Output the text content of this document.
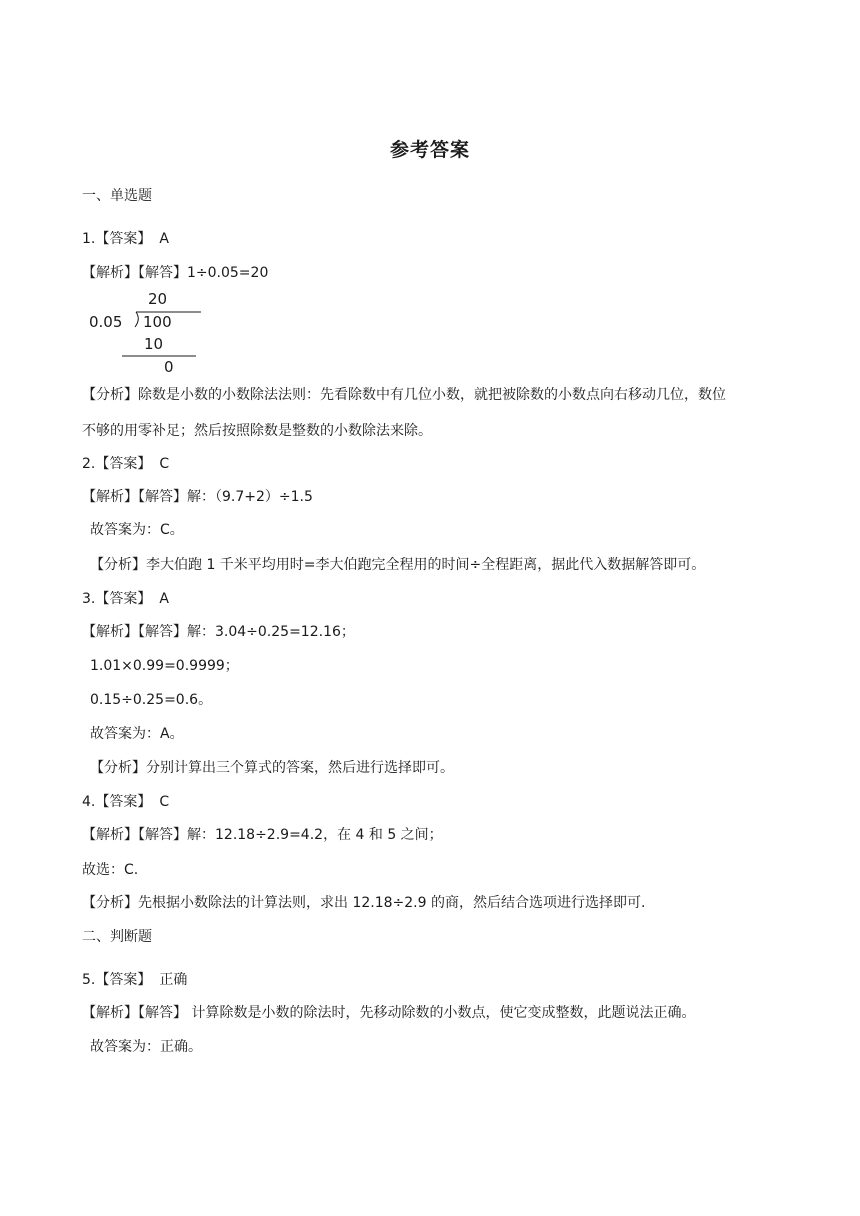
参考答案
一、单选题
1.【答案】 A
【解析】【解答】1÷0.05=20
20
0.05 100
10
0
【分析】除数是小数的小数除法法则：先看除数中有几位小数，就把被除数的小数点向右移动几位，数位
不够的用零补足；然后按照除数是整数的小数除法来除。
2.【答案】 C
【解析】【解答】解：（9.7+2）÷1.5
故答案为：C。
【分析】李大伯跑 1 千米平均用时=李大伯跑完全程用的时间÷全程距离，据此代入数据解答即可。
3.【答案】 A
【解析】【解答】解：3.04÷0.25=12.16；
1.01×0.99=0.9999；
0.15÷0.25=0.6。
故答案为：A。
【分析】分别计算出三个算式的答案，然后进行选择即可。
4.【答案】 C
【解析】【解答】解：12.18÷2.9=4.2，在 4 和 5 之间；
故选：C.
【分析】先根据小数除法的计算法则，求出 12.18÷2.9 的商，然后结合选项进行选择即可.
二、判断题
5.【答案】 正确
【解析】【解答】 计算除数是小数的除法时，先移动除数的小数点，使它变成整数，此题说法正确。
故答案为：正确。
